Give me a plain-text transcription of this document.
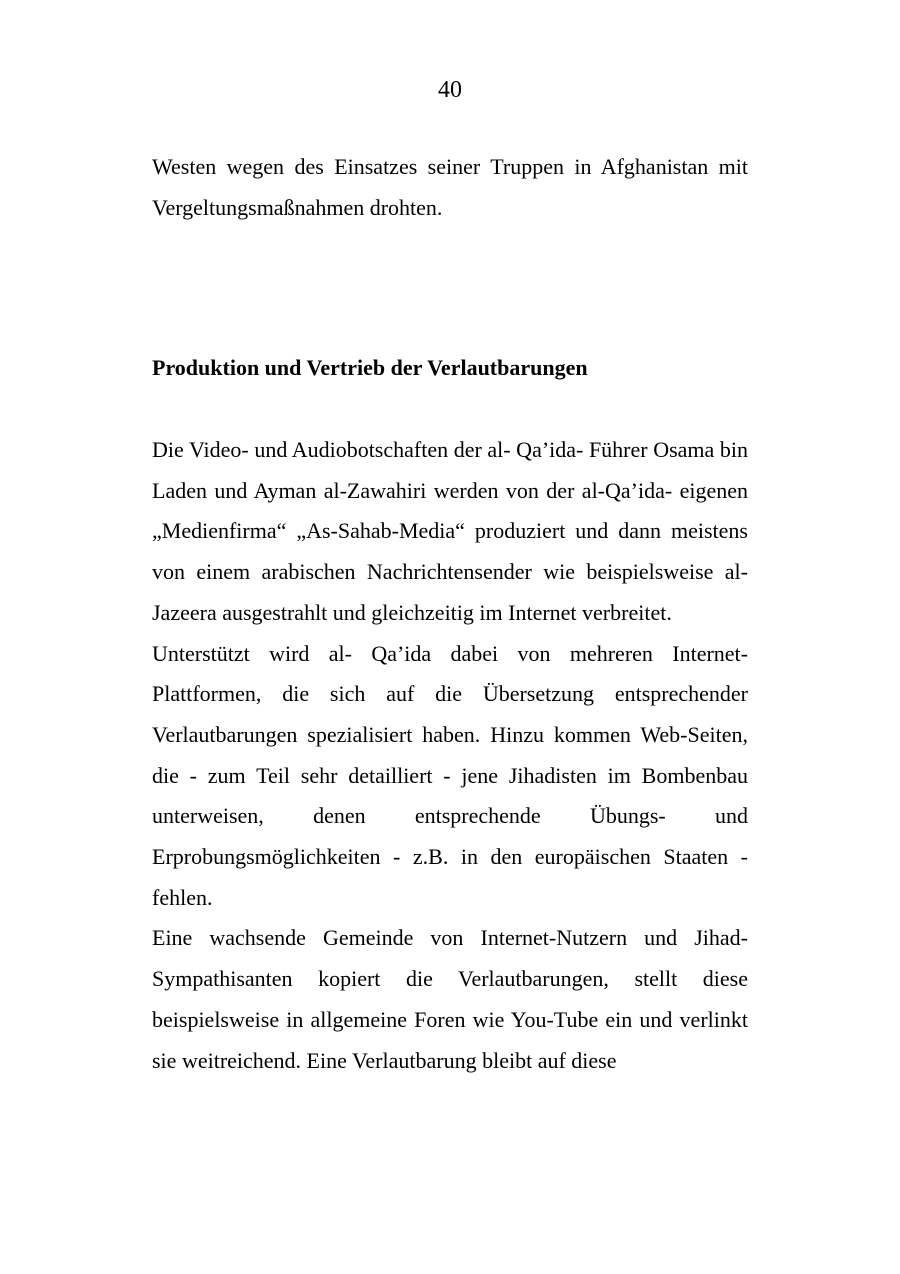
40
Westen wegen des Einsatzes seiner Truppen in Afghanistan mit Vergeltungsmaßnahmen drohten.
Produktion und Vertrieb der Verlautbarungen

Die Video- und Audiobotschaften der al- Qa’ida- Führer Osama bin Laden und Ayman al-Zawahiri werden von der al-Qa’ida- eigenen „Medienfirma“ „As-Sahab-Media“ produziert und dann meistens von einem arabischen Nachrichtensender wie beispielsweise al- Jazeera ausgestrahlt und gleichzeitig im Internet verbreitet.

Unterstützt wird al- Qa’ida dabei von mehreren Internet-Plattformen, die sich auf die Übersetzung entsprechender Verlautbarungen spezialisiert haben. Hinzu kommen Web-Seiten, die - zum Teil sehr detailliert - jene Jihadisten im Bombenbau unterweisen, denen entsprechende Übungs- und Erprobungsmöglichkeiten - z.B. in den europäischen Staaten - fehlen.

Eine wachsende Gemeinde von Internet-Nutzern und Jihad-Sympathisanten kopiert die Verlautbarungen, stellt diese beispielsweise in allgemeine Foren wie You-Tube ein und verlinkt sie weitreichend. Eine Verlautbarung bleibt auf diese
